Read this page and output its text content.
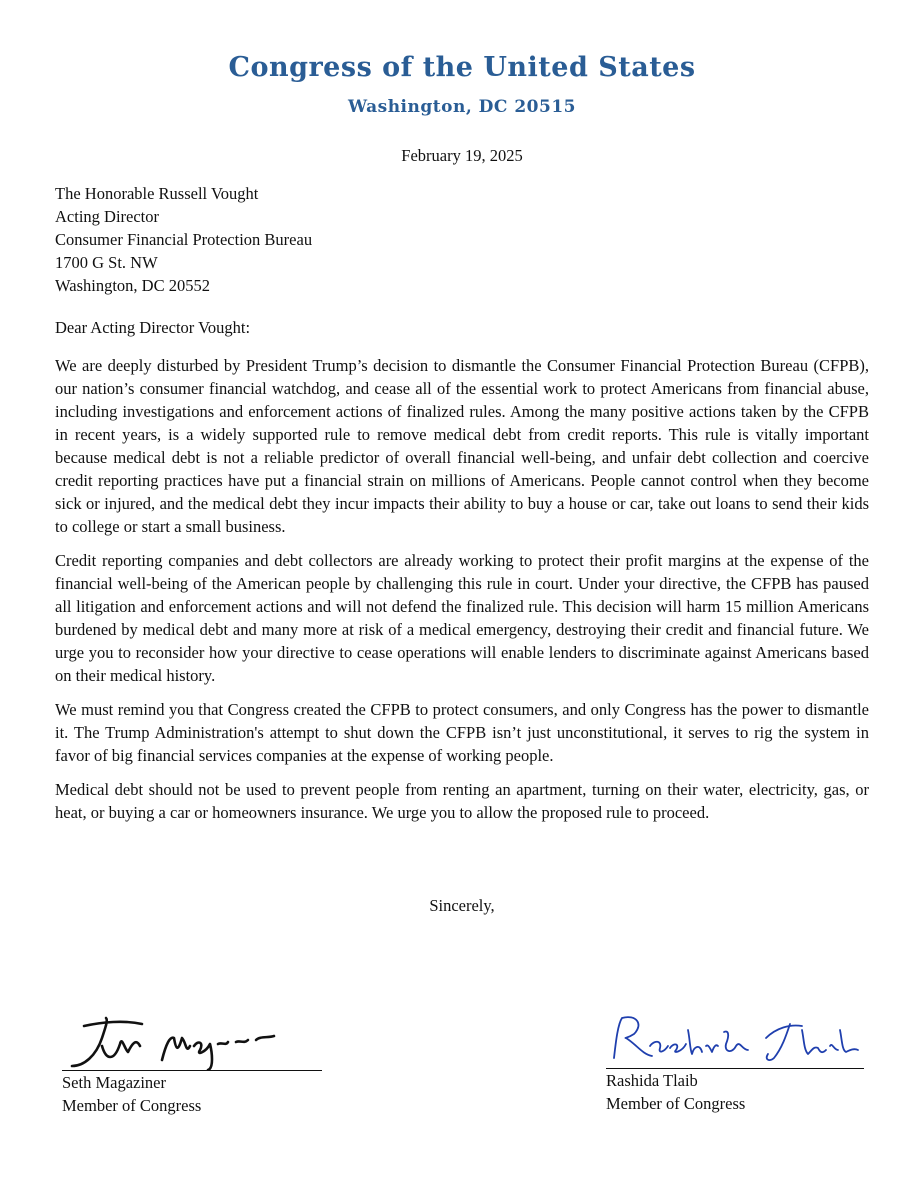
Congress of the United States
Washington, DC 20515
February 19, 2025
The Honorable Russell Vought
Acting Director
Consumer Financial Protection Bureau
1700 G St. NW
Washington, DC 20552
Dear Acting Director Vought:

We are deeply disturbed by President Trump’s decision to dismantle the Consumer Financial Protection Bureau (CFPB), our nation’s consumer financial watchdog, and cease all of the essential work to protect Americans from financial abuse, including investigations and enforcement actions of finalized rules. Among the many positive actions taken by the CFPB in recent years, is a widely supported rule to remove medical debt from credit reports. This rule is vitally important because medical debt is not a reliable predictor of overall financial well-being, and unfair debt collection and coercive credit reporting practices have put a financial strain on millions of Americans. People cannot control when they become sick or injured, and the medical debt they incur impacts their ability to buy a house or car, take out loans to send their kids to college or start a small business.

Credit reporting companies and debt collectors are already working to protect their profit margins at the expense of the financial well-being of the American people by challenging this rule in court. Under your directive, the CFPB has paused all litigation and enforcement actions and will not defend the finalized rule. This decision will harm 15 million Americans burdened by medical debt and many more at risk of a medical emergency, destroying their credit and financial future. We urge you to reconsider how your directive to cease operations will enable lenders to discriminate against Americans based on their medical history.

We must remind you that Congress created the CFPB to protect consumers, and only Congress has the power to dismantle it. The Trump Administration's attempt to shut down the CFPB isn’t just unconstitutional, it serves to rig the system in favor of big financial services companies at the expense of working people.

Medical debt should not be used to prevent people from renting an apartment, turning on their water, electricity, gas, or heat, or buying a car or homeowners insurance. We urge you to allow the proposed rule to proceed.

Sincerely,
Seth Magaziner
Member of Congress
Rashida Tlaib
Member of Congress
